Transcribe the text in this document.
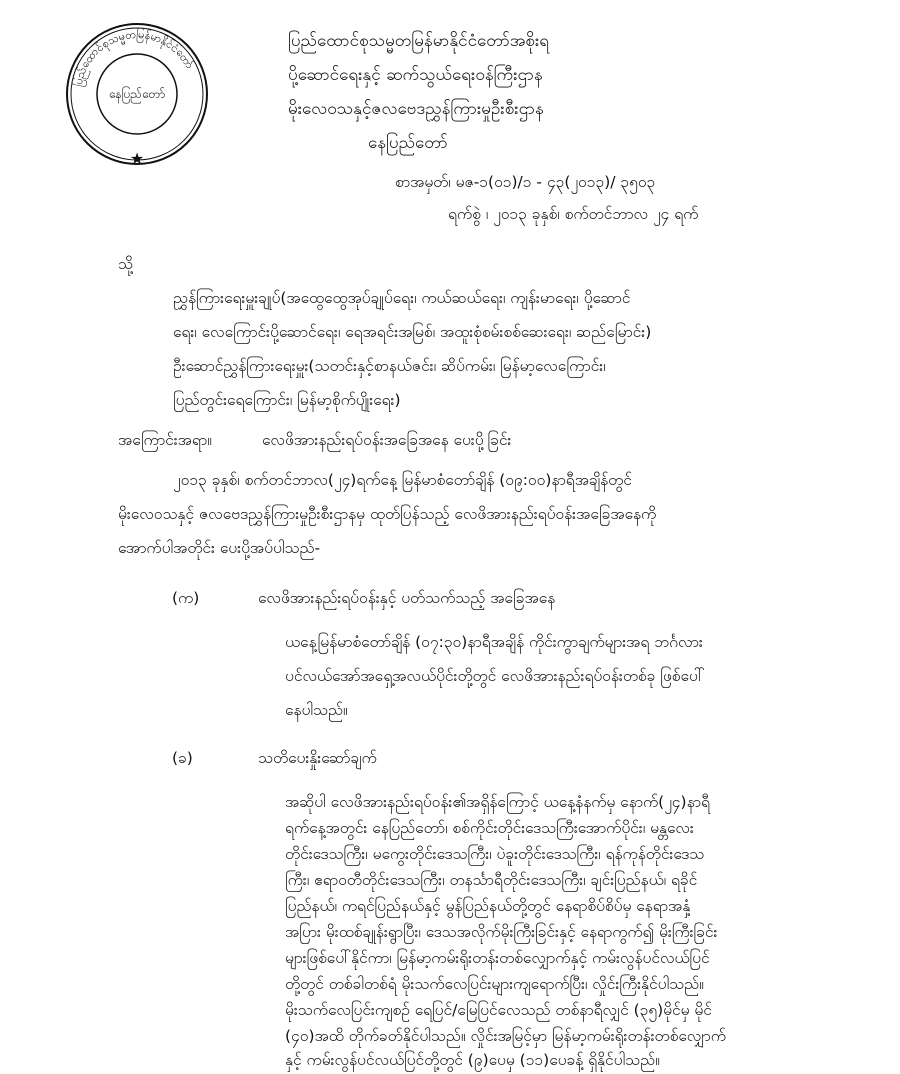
ပြည်ထောင်စုသမ္မတမြန်မာနိုင်ငံတော်
နေပြည်တော်
★
ပြည်ထောင်စုသမ္မတမြန်မာနိုင်ငံတော်အစိုးရ
ပို့ဆောင်ရေးနှင့် ဆက်သွယ်ရေးဝန်ကြီးဌာန
မိုးလေဝသနှင့်ဇလဗေဒညွှန်ကြားမှုဦးစီးဌာန
နေပြည်တော်
စာအမှတ်၊ မဇ-၁(၀၁)/၁ - ၄၃(၂၀၁၃)/ ၃၅၀၃
ရက်စွဲ ၊ ၂၀၁၃ ခုနှစ်၊ စက်တင်ဘာလ ၂၄ ရက်
သို့
ညွှန်ကြားရေးမှူးချုပ်(အထွေထွေအုပ်ချုပ်ရေး၊ ကယ်ဆယ်ရေး၊ ကျန်းမာရေး၊ ပို့ဆောင်
ရေး၊ လေကြောင်းပို့ဆောင်ရေး၊ ရေအရင်းအမြစ်၊ အထူးစုံစမ်းစစ်ဆေးရေး၊ ဆည်မြောင်း)
ဦးဆောင်ညွှန်ကြားရေးမှူး(သတင်းနှင့်စာနယ်ဇင်း၊ ဆိပ်ကမ်း၊ မြန်မာ့လေကြောင်း၊
ပြည်တွင်းရေကြောင်း၊ မြန်မာ့စိုက်ပျိုးရေး)
အကြောင်းအရာ။	လေဖိအားနည်းရပ်ဝန်းအခြေအနေ ပေးပို့ခြင်း
၂၀၁၃ ခုနှစ်၊ စက်တင်ဘာလ(၂၄)ရက်နေ့ မြန်မာစံတော်ချိန် (၀၉:၀၀)နာရီအချိန်တွင်
မိုးလေဝသနှင့် ဇလဗေဒညွှန်ကြားမှုဦးစီးဌာနမှ ထုတ်ပြန်သည့် လေဖိအားနည်းရပ်ဝန်းအခြေအနေကို
အောက်ပါအတိုင်း ပေးပို့အပ်ပါသည်-
(က)	လေဖိအားနည်းရပ်ဝန်းနှင့် ပတ်သက်သည့် အခြေအနေ
ယနေ့မြန်မာစံတော်ချိန် (၀၇:၃၀)နာရီအချိန် ကိုင်းကွာချက်များအရ ဘင်္ဂလား
ပင်လယ်အော်အရှေ့အလယ်ပိုင်းတို့တွင် လေဖိအားနည်းရပ်ဝန်းတစ်ခု ဖြစ်ပေါ်
နေပါသည်။
(ခ)	သတိပေးနှိုးဆော်ချက်
အဆိုပါ လေဖိအားနည်းရပ်ဝန်း၏အရှိန်ကြောင့် ယနေ့နံနက်မှ နောက်(၂၄)နာရီ
ရက်နေ့အတွင်း နေပြည်တော်၊ စစ်ကိုင်းတိုင်းဒေသကြီးအောက်ပိုင်း၊ မန္တလေး
တိုင်းဒေသကြီး၊ မကွေးတိုင်းဒေသကြီး၊ ပဲခူးတိုင်းဒေသကြီး၊ ရန်ကုန်တိုင်းဒေသ
ကြီး၊ ဧရာဝတီတိုင်းဒေသကြီး၊ တနင်္သာရီတိုင်းဒေသကြီး၊ ချင်းပြည်နယ်၊ ရခိုင်
ပြည်နယ်၊ ကရင်ပြည်နယ်နှင့် မွန်ပြည်နယ်တို့တွင် နေရာစိပ်စိပ်မှ နေရာအနှံ့
အပြား မိုးထစ်ချုန်းရွာပြီး၊ ဒေသအလိုက်မိုးကြီးခြင်းနှင့် နေရာကွက်၍ မိုးကြီးခြင်း
များဖြစ်ပေါ်နိုင်ကာ၊ မြန်မာ့ကမ်းရိုးတန်းတစ်လျှောက်နှင့် ကမ်းလွန်ပင်လယ်ပြင်
တို့တွင် တစ်ခါတစ်ရံ မိုးသက်လေပြင်းများကျရောက်ပြီး၊ လှိုင်းကြီးနိုင်ပါသည်။
မိုးသက်လေပြင်းကျစဉ် ရေပြင်/မြေပြင်လေသည် တစ်နာရီလျှင် (၃၅)မိုင်မှ မိုင်
(၄၀)အထိ တိုက်ခတ်နိုင်ပါသည်။ လှိုင်းအမြင့်မှာ မြန်မာ့ကမ်းရိုးတန်းတစ်လျှောက်
နှင့် ကမ်းလွန်ပင်လယ်ပြင်တို့တွင် (၉)ပေမှ (၁၁)ပေခန့် ရှိနိုင်ပါသည်။
